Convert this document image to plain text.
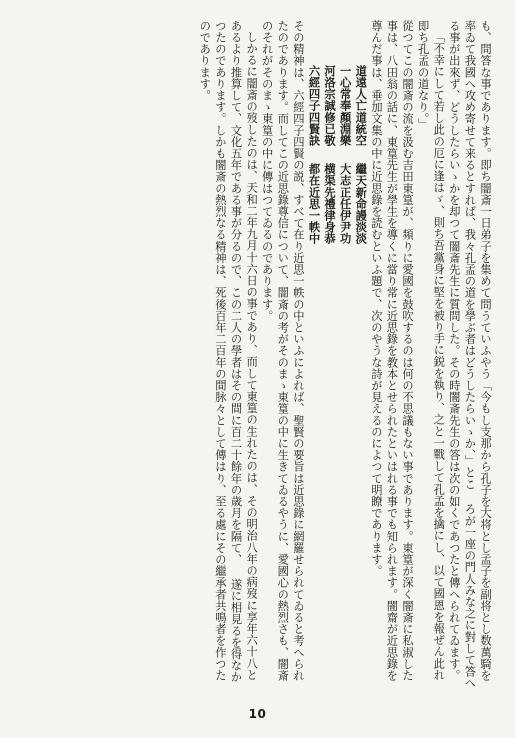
も、問答な事であります。即ち闇斎一日弟子を集めて問うていふやう「今もし支那から孔子を大将とし孟子を副将とし数萬騎を率ゐて我國へ攻め寄せて来るとすれば、我々孔孟の道を學ぶ者はどうしたらいゝか、」とこ ろが一座の門人みな之に對して答へる事が出來ず、どうしたらいゝかを却つて闇斎先生に質問した。その時闇斎先生の答は次の如くであつたと傳へられてゐます。

「不幸にして若し此の厄に逢はゞ、則ち吾黨身に堅を被り手に鋭を執り、之と一戰して孔孟を擒にし、以て國恩を報ぜん此れ即ち孔孟の道なり。」

從つてこの闇斎の流を汲む吉田東篁が、頻りに愛國を鼓吹するのは何の不思議もない事であります。東篁が深く闇斎に私淑した事は、八田翁の話に、東篁先生が學生を導くに當り常に近思錄を教本とせられたといはれる事でも知られます。闇齋が近思錄を尊んだ事は、垂加文集の中に近思錄を読むといふ題で、次のやうな詩が見えるのによつて明瞭であります。

道遠人亡道統空繼天新命謾淡淡
一心常奉顏淵樂大志正任伊尹功
河洛宗誠修已敬横渠先禮律身恭
六經四子四賢訣都在近思一帙中

その精神は、六經四子四賢の説、すべて在り近思一帙の中といふによれば、聖賢の要旨は近思錄に網羅せられてゐると考へられたのであります。而してこの近思錄尊信について、闇斎の考がそのまゝ東篁の中に生きてゐるやうに、愛國心の熱烈さも、闇斎のそれがそのまゝ東篁の中に傳はつてゐるのであります。

しかるに闇斎の歿したのは、天和二年九月十六日の事であり、而して東篁の生れたのは、その明治八年の病歿に享年六十八とあるより推算して、文化五年である事が分るので、この二人の學者はその間に百二十餘年の歳月を隔て、 遂に相見るを得なかつたのであります。しかも闇斎の熱烈なる精神は、死後百年二百年の間脉々として傳はり、至る處にその繼承者共鳴者を作つたのであります。

10
